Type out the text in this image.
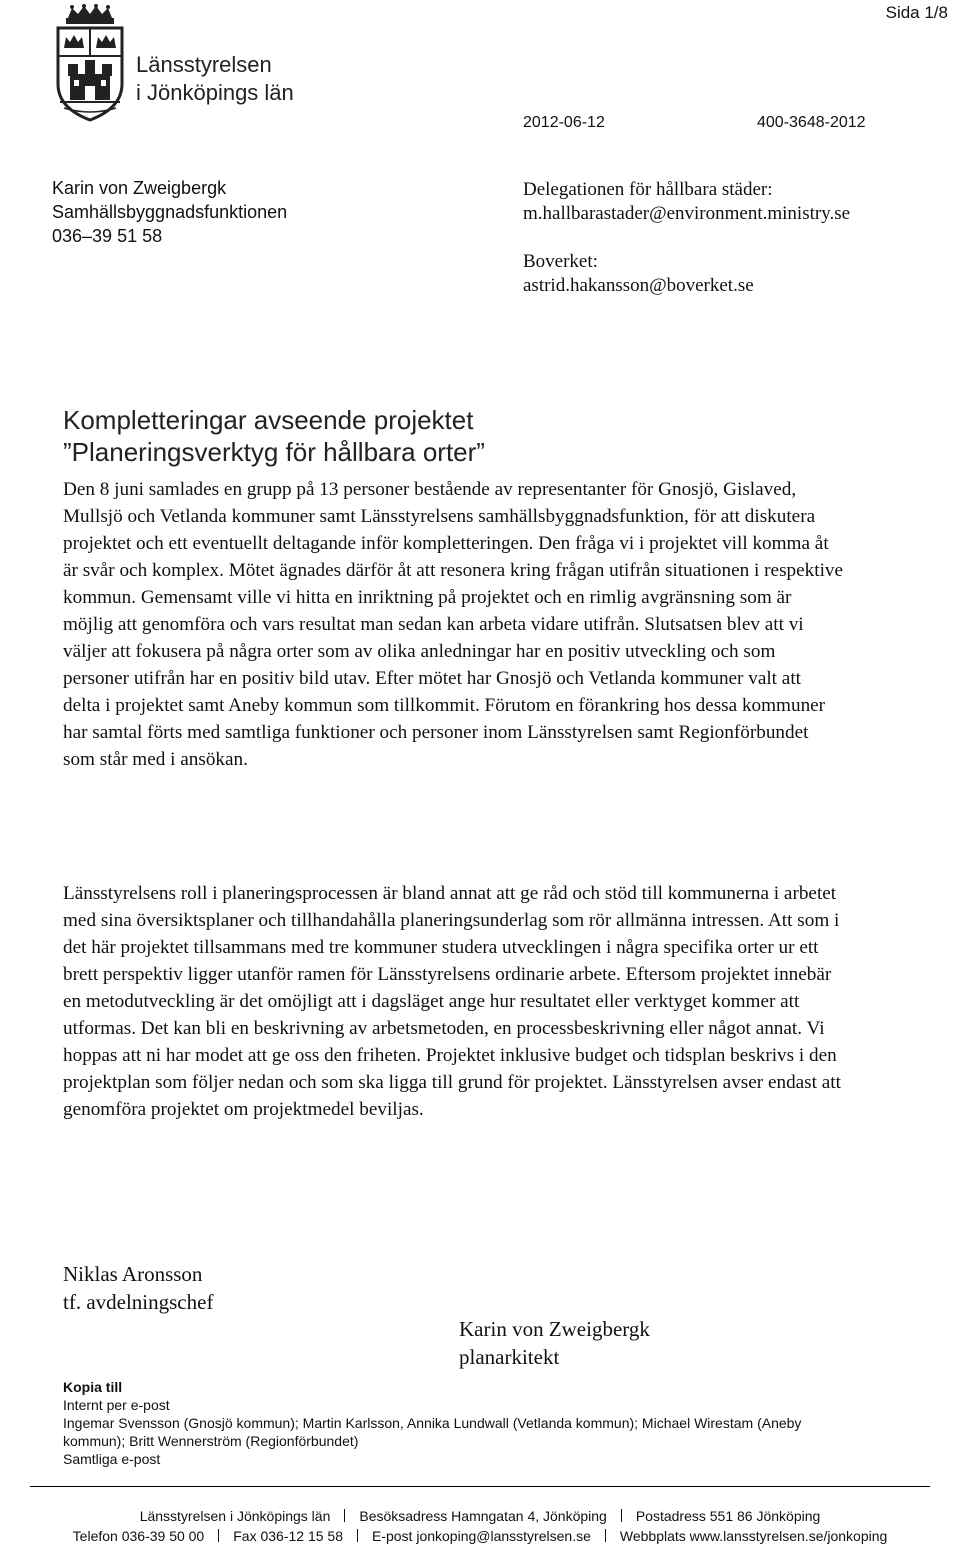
Sida 1/8
Länsstyrelsen
i Jönköpings län
2012-06-12	400-3648-2012
Karin von Zweigbergk
Samhällsbyggnadsfunktionen
036–39 51 58
Delegationen för hållbara städer:
m.hallbarastader@environment.ministry.se
Boverket:
astrid.hakansson@boverket.se
Kompletteringar avseende projektet
”Planeringsverktyg för hållbara orter”

Den 8 juni samlades en grupp på 13 personer bestående av representanter för Gnosjö, Gislaved, Mullsjö och Vetlanda kommuner samt Länsstyrelsens samhällsbyggnadsfunktion, för att diskutera projektet och ett eventuellt deltagande inför kompletteringen. Den fråga vi i projektet vill komma åt är svår och komplex. Mötet ägnades därför åt att resonera kring frågan utifrån situationen i respektive kommun. Gemensamt ville vi hitta en inriktning på projektet och en rimlig avgränsning som är möjlig att genomföra och vars resultat man sedan kan arbeta vidare utifrån. Slutsatsen blev att vi väljer att fokusera på några orter som av olika anledningar har en positiv utveckling och som personer utifrån har en positiv bild utav. Efter mötet har Gnosjö och Vetlanda kommuner valt att delta i projektet samt Aneby kommun som tillkommit. Förutom en förankring hos dessa kommuner har samtal förts med samtliga funktioner och personer inom Länsstyrelsen samt Regionförbundet som står med i ansökan.

Länsstyrelsens roll i planeringsprocessen är bland annat att ge råd och stöd till kommunerna i arbetet med sina översiktsplaner och tillhandahålla planeringsunderlag som rör allmänna intressen. Att som i det här projektet tillsammans med tre kommuner studera utvecklingen i några specifika orter ur ett brett perspektiv ligger utanför ramen för Länsstyrelsens ordinarie arbete. Eftersom projektet innebär en metodutveckling är det omöjligt att i dagsläget ange hur resultatet eller verktyget kommer att utformas. Det kan bli en beskrivning av arbetsmetoden, en processbeskrivning eller något annat. Vi hoppas att ni har modet att ge oss den friheten. Projektet inklusive budget och tidsplan beskrivs i den projektplan som följer nedan och som ska ligga till grund för projektet. Länsstyrelsen avser endast att genomföra projektet om projektmedel beviljas.

Niklas Aronsson
tf. avdelningschef
Karin von Zweigbergk
planarkitekt
Kopia till
Internt per e-post
Ingemar Svensson (Gnosjö kommun); Martin Karlsson, Annika Lundwall (Vetlanda kommun); Michael Wirestam (Aneby kommun); Britt Wennerström (Regionförbundet)
Samtliga e-post
Länsstyrelsen i Jönköpings län Besöksadress Hamngatan 4, Jönköping Postadress 551 86 Jönköping
Telefon 036-39 50 00 Fax 036-12 15 58 E-post jonkoping@lansstyrelsen.se Webbplats www.lansstyrelsen.se/jonkoping
